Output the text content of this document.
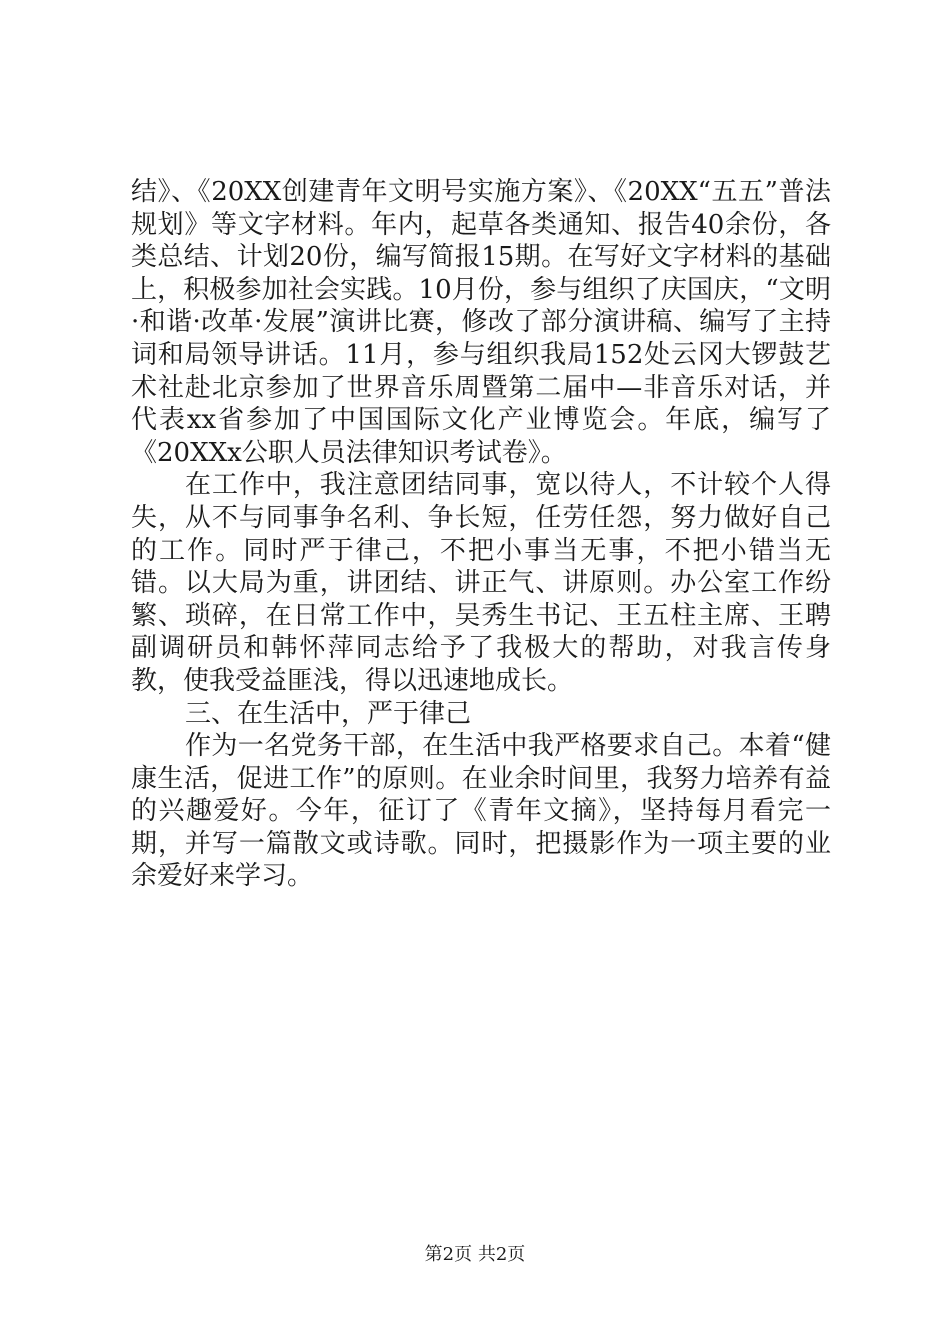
结》、《20XX创建青年文明号实施方案》、《20XX“五五”普法规划》等文字材料。年内，起草各类通知、报告40余份，各类总结、计划20份，编写简报15期。在写好文字材料的基础上，积极参加社会实践。10月份，参与组织了庆国庆，“文明·和谐·改革·发展”演讲比赛，修改了部分演讲稿、编写了主持词和局领导讲话。11月，参与组织我局152处云冈大锣鼓艺术社赴北京参加了世界音乐周暨第二届中—非音乐对话，并代表xx省参加了中国国际文化产业博览会。年底，编写了《20XXx公职人员法律知识考试卷》。

在工作中，我注意团结同事，宽以待人，不计较个人得失，从不与同事争名利、争长短，任劳任怨，努力做好自己的工作。同时严于律己，不把小事当无事，不把小错当无错。以大局为重，讲团结、讲正气、讲原则。办公室工作纷繁、琐碎，在日常工作中，吴秀生书记、王五柱主席、王聘副调研员和韩怀萍同志给予了我极大的帮助，对我言传身教，使我受益匪浅，得以迅速地成长。

三、在生活中，严于律己

作为一名党务干部，在生活中我严格要求自己。本着“健康生活，促进工作”的原则。在业余时间里，我努力培养有益的兴趣爱好。今年，征订了《青年文摘》，坚持每月看完一期，并写一篇散文或诗歌。同时，把摄影作为一项主要的业余爱好来学习。

第2页 共2页
